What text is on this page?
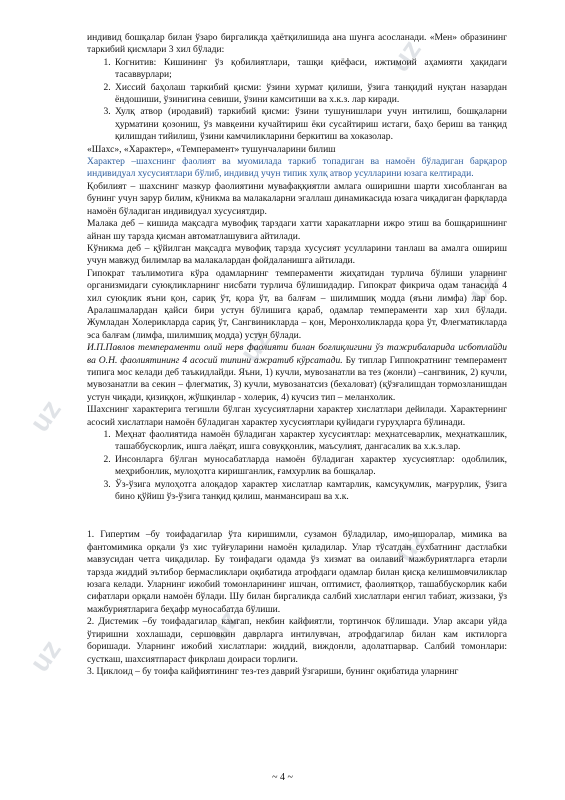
uz
uz
uz
uz
uz
uz
uz

индивид бошқалар билан ўзаро биргаликда ҳаётқилишида ана шунга асосланади. «Мен» образининг таркибий қисмлари 3 хил бўлади:

1. Когнитив: Кишининг ўз қобилиятлари, ташқи қиёфаси, ижтимоий аҳамияти ҳақидаги тасаввурлари;
2. Хиссий баҳолаш таркибий қисми: ўзини хурмат қилиши, ўзига танқидий нуқтан назардан ёндошиши, ўзинигина севиши, ўзини камситиши ва х.к.з. лар киради.
3. Хулқ атвор (иродавий) таркибий қисми: ўзини тушунишлари учун интилиш, бошқаларни ҳурматини қозониш, ўз мавқеини кучайтириш ёки сусайтириш истаги, баҳо бериш ва танқид қилишдан тийилиш, ўзини камчиликларини беркитиш ва хоказолар.

«Шахс», «Характер», «Темперамент» тушунчаларини билиш

Характер –шахснинг фаолият ва муомилада таркиб топадиган ва намоён бўладиган барқарор индивидуал хусусиятлари бўлиб, индивид учун типик хулқ атвор усулларини юзага келтиради.

Қобилият – шахснинг мазкур фаолиятини мувафаққиятли амлага оширишни шарти хисобланган ва бунинг учун зарур билим, кўникма ва малакаларни эгаллаш динамикасида юзага чиқадиган фарқларда намоён бўладиган индивидуал хусусиятдир.

Малака деб – кишида мақсадга мувофиқ тарздаги хатти харакатларни ижро этиш ва бошқаришнинг айнан шу тарзда қисман автоматлашувига айтилади.

Кўникма деб – қўйилган мақсадга мувофиқ тарзда хусусият усулларини танлаш ва амалга ошириш учун мавжуд билимлар ва малакалардан фойдаланишга айтилади.

Гипократ таълимотига кўра одамларнинг темпераменти жиҳатидан турлича бўлиши уларнинг организмидаги суюқликларнинг нисбати турлича бўлишидадир. Гипократ фикрича одам танасида 4 хил суюқлик яъни қон, сариқ ўт, қора ўт, ва балғам – шилимшиқ модда (яъни лимфа) лар бор. Аралашмалардан қайси бири устун бўлишига қараб, одамлар темпераменти хар хил бўлади. Жумладан Холерикларда сариқ ўт, Сангвиникларда – қон, Меронхоликларда қора ўт, Флегматикларда эса балғам (лимфа, шилимшиқ модда) устун бўлади.

И.П.Павлов темпераменти олий нерв фаолияти билан боғлиқлигини ўз тажрибаларида исботлайди ва О.Н. фаолиятининг 4 асосий типини ажратиб кўрсатади. Бу типлар Гиппократнинг темперамент типига мос келади деб таъкидлайди. Яъни, 1) кучли, мувозанатли ва тез (жонли) –сангвиник, 2) кучли, мувозанатли ва секин – флегматик, 3) кучли, мувозанатсиз (бехаловат) (қўзғалишдан тормозланишдан устун чиқади, қизиққон, жўшқинлар - холерик, 4) кучсиз тип – меланхолик.

Шахснинг характерига тегишли бўлган хусусиятларни характер хислатлари дейилади. Характернинг асосий хислатлари намоён бўладиган характер хусусиятлари қуйидаги гуруҳларга бўлинади.

1. Меҳнат фаолиятида намоён бўладиган характер хусусиятлар: меҳнатсеварлик, меҳнаткашлик, ташаббускорлик, ишга лаёқат, ишга совуққонлик, маъсулият, дангасалик ва х.к.з.лар.
2. Инсонларга бўлган муносабатларда намоён бўладиган характер хусусиятлар: одоблилик, меҳрибонлик, мулоҳотга киришганлик, ғамхурлик ва бошқалар.
3. Ўз-ўзига мулоҳотга алоқадор характер хислатлар камтарлик, камсуқумлик, мағрурлик, ўзига бино қўйиш ўз-ўзига танқид қилиш, манмансираш ва х.к.

1. Гипертим –бу тоифадагилар ўта киришимли, сузамон бўладилар, имо-ишоралар, мимика ва фантомимика орқали ўз хис туйғуларини намоён қиладилар. Улар тўсатдан сухбатнинг дастлабки мавзусидан четга чиқадилар. Бу тоифадаги одамда ўз хизмат ва оилавий мажбуриятларга етарли тарзда жиддий эътибор бермасликлари оқибатида атрофдаги одамлар билан қисқа келишмовчиликлар юзага келади. Уларнинг ижобий томонларининг ишчан, оптимист, фаолиятқор, ташаббускорлик каби сифатлари орқали намоён бўлади. Шу билан биргаликда салбий хислатлари енгил табиат, жиззаки, ўз мажбуриятларига беҳафр муносабатда бўлиши.

2. Дистемик –бу тоифадагилар камгап, некбин кайфиятли, тортинчок бўлишади. Улар аксари уйда ўтиришни хохлашади, сершовкин даврларга интилувчан, атрофдагилар билан кам иктилорга боришади. Уларнинг ижобий хислатлари: жиддий, виждонли, адолатпарвар. Салбий томонлари: сусткаш, шахсиятпараст фикрлаш доираси торлиги.

3. Циклоид – бу тоифа кайфиятининг тез-тез даврий ўзгариши, бунинг оқибатида уларнинг

~ 4 ~
